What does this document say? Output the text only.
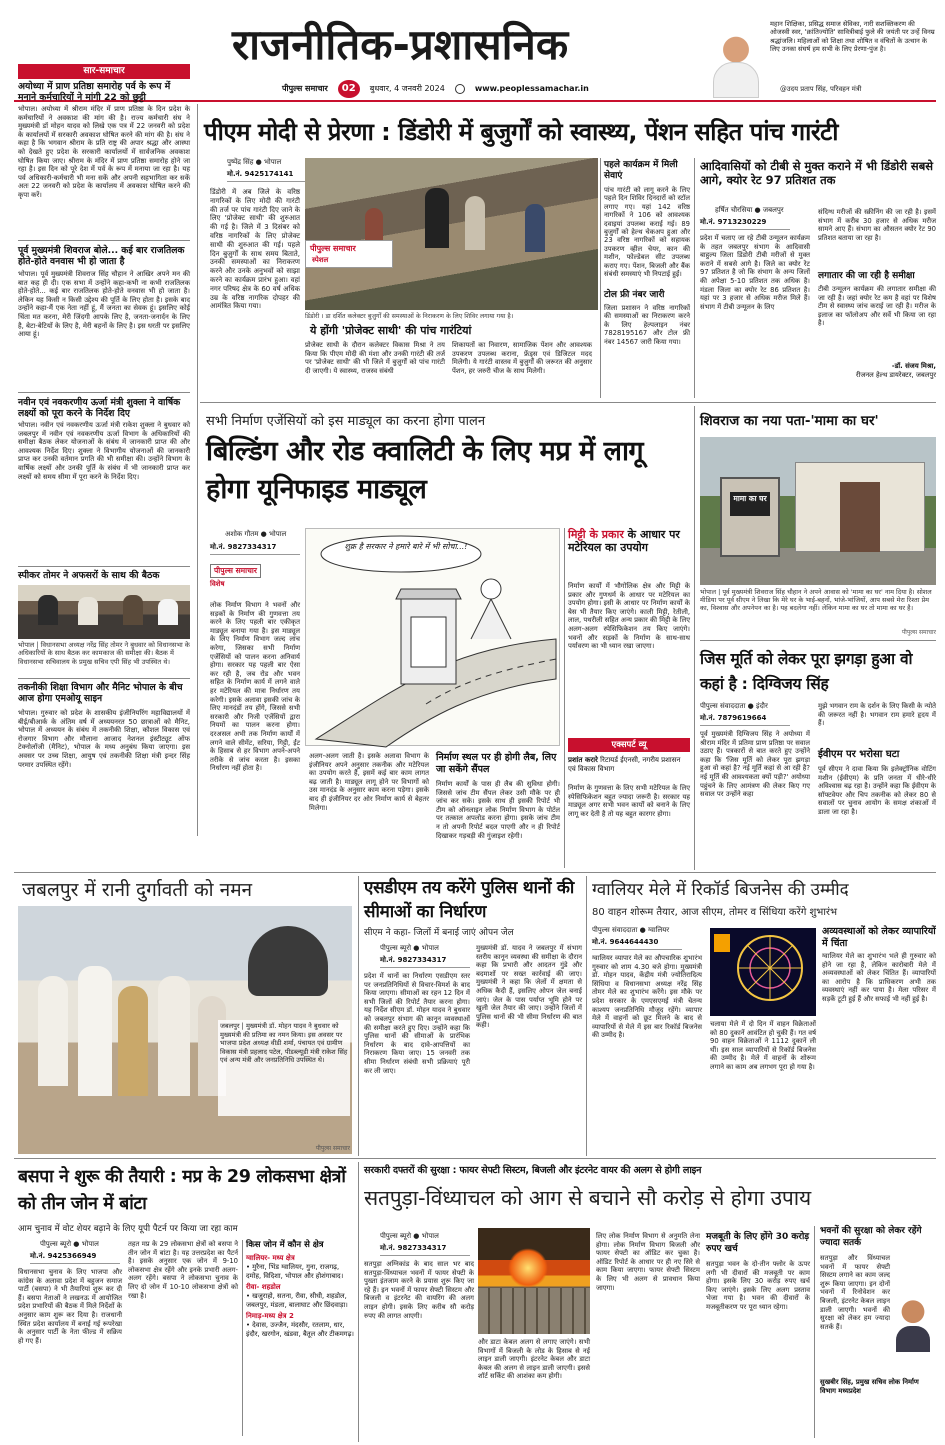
राजनीतिक-प्रशासनिक
पीपुल्स समाचार	02	बुधवार, 4 जनवरी 2024	www.peoplessamachar.in
महान शिक्षिका, प्रसिद्ध समाज सेविका, नारी सशक्तिकरण की ओजस्वी स्वर, 'क्रांतिज्योति' सावित्रीबाई फुले की जयंती पर उन्हें विनम्र श्रद्धांजलि। महिलाओं को शिक्षा तथा शोषित व वंचितों के उत्थान के लिए उनका संघर्ष हम सभी के लिए प्रेरणा-पुंज है।
@उदय प्रताप सिंह, परिवहन मंत्री
सार-समाचार
अयोध्या में प्राण प्रतिष्ठा समारोह पर्व के रूप में मनाने कर्मचारियों ने मांगी 22 को छुट्टी
भोपाल। अयोध्या में श्रीराम मंदिर में प्राण प्रतिष्ठा के दिन प्रदेश के कर्मचारियों ने अवकाश की मांग की है। राज्य कर्मचारी संघ ने मुख्यमंत्री डॉ मोहन यादव को लिखे एक पत्र में 22 जनवरी को प्रदेश के कार्यालयों में सरकारी अवकाश घोषित करने की मांग की है। संघ ने कहा है कि भगवान श्रीराम के प्रति राष्ट्र की अपार श्रद्धा और आस्था को देखते हुए प्रदेश के सरकारी कार्यालयों में सार्वजनिक अवकाश घोषित किया जाए। श्रीराम के मंदिर में प्राण प्रतिष्ठा समारोह होने जा रहा है। इस दिन को पूरे देश में पर्व के रूप में मनाया जा रहा है। यह पर्व अधिकारी-कर्मचारी भी मना सकें और अपनी सहभागिता कर सकें अतः 22 जनवरी को प्रदेश के कार्यालय में अवकाश घोषित करने की कृपा करें।
पूर्व मुख्यमंत्री शिवराज बोले... कई बार राजतिलक होते-होते वनवास भी हो जाता है
भोपाल। पूर्व मुख्यमंत्री शिवराज सिंह चौहान ने आखिर अपने मन की बात कह ही दी। एक सभा में उन्होंने कहा-कभी ना कभी राजतिलक होते-होते... कई बार राजतिलक होते-होते वनवास भी हो जाता है। लेकिन यह किसी न किसी उद्देश्य की पूर्ति के लिए होता है। इसके बाद उन्होंने कहा-मैं एक नेता नहीं हूं, मैं जनता का सेवक हूं। इसलिए कोई चिंता मत करना, मेरी जिंदगी आपके लिए है, जनता-जनार्दन के लिए है, बेटा-बेटियों के लिए है, मेरी बहनों के लिए है। इस धरती पर इसलिए आया हूं।
नवीन एवं नवकरणीय ऊर्जा मंत्री शुक्ला ने वार्षिक लक्ष्यों को पूरा करने के निर्देश दिए
भोपाल। नवीन एवं नवकरणीय ऊर्जा मंत्री राकेश शुक्ला ने बुधवार को जबलपुर में नवीन एवं नवकरणीय ऊर्जा विभाग के अधिकारियों की समीक्षा बैठक लेकर योजनाओं के संबंध में जानकारी प्राप्त की और आवश्यक निर्देश दिए। शुक्ला ने विभागीय योजनाओं की जानकारी प्राप्त कर उनकी वर्तमान प्रगति की भी समीक्षा की। उन्होंने विभाग के वार्षिक लक्ष्यों और उनकी पूर्ति के संबंध में भी जानकारी प्राप्त कर लक्ष्यों को समय सीमा में पूरा करने के निर्देश दिए।
स्पीकर तोमर ने अफसरों के साथ की बैठक
भोपाल | विधानसभा अध्यक्ष नरेंद्र सिंह तोमर ने बुधवार को विधानसभा के अधिकारियों के साथ बैठक कर कामकाज की समीक्षा की। बैठक में विधानसभा सचिवालय के प्रमुख सचिव एपी सिंह भी उपस्थित थे।
तकनीकी शिक्षा विभाग और मैनिट भोपाल के बीच आज होगा एमओयू साइन
भोपाल। गुरुवार को प्रदेश के शासकीय इंजीनियरिंग महाविद्यालयों में बीई/बीआर्क के अंतिम वर्ष में अध्ययनरत 50 छात्राओं को मैनिट, भोपाल में अध्ययन के संबंध में तकनीकी शिक्षा, कौशल विकास एवं रोजगार विभाग और मौलाना आजाद नेशनल इंस्टीट्यूट ऑफ टेक्नोलॉजी (मैनिट), भोपाल के मध्य अनुबंध किया जाएगा। इस अवसर पर उच्च शिक्षा, आयुष एवं तकनीकी शिक्षा मंत्री इन्दर सिंह परमार उपस्थित रहेंगे।
पीएम मोदी से प्रेरणा : डिंडोरी में बुजुर्गों को स्वास्थ्य, पेंशन सहित पांच गारंटी
पुष्पेंद्र सिंह ● भोपाल
मो.नं. 9425174141
डिंडोरी में अब जिले के वरिष्ठ नागरिकों के लिए मोदी की गारंटी की तर्ज पर पांच गारंटी दिए जाने के लिए 'प्रोजेक्ट साथी' की शुरुआत की गई है। जिले में 3 दिसंबर को वरिष्ठ नागरिकों के लिए प्रोजेक्ट साथी की शुरुआत की गई। पहले दिन बुजुर्गों के साथ समय बिताते, उनकी समस्याओं का निराकरण करने और उनके अनुभवों को साझा करने का कार्यक्रम प्रारंभ हुआ। वहां नगर परिषद क्षेत्र के 60 वर्ष अधिक उम्र के वरिष्ठ नागरिक दोपहर की आमंत्रित किया गया।
पीपुल्स समाचार
स्पेशल
डिंडोरी । डा दर्शित कलेक्टर बुजुर्गों की समस्याओं के निराकरण के लिए शिविर लगाया गया है।
ये होंगी 'प्रोजेक्ट साथी' की पांच गारंटियां
प्रोजेक्ट साथी के दौरान कलेक्टर विकास मिश्रा ने तय किया कि पीएम मोदी की मंशा और उनकी गारंटी की तर्ज पर 'प्रोजेक्ट साथी' की भी जिले में बुजुर्गों को पांच गारंटी दी जाएगी। ये स्वास्थ्य, राजस्व संबंधी
शिकायतों का निवारण, सामाजिक पेंशन और आवश्यक उपकरण उपलब्ध कराना, फ्रेंड्स एवं डिजिटल मदद मिलेगी। ये गारंटी वास्तव में बुजुर्गों की जरूरत की अनुसार पेंशन, हर जरुरी चीज के साथ मिलेगी।
पहले कार्यक्रम में मिली सेवाएं
पांच गारंटी को लागू करने के लिए पहले दिन शिविर दिनदारों को स्टॉल लगाए गए। यहां 142 वरिष्ठ नागरिकों ने 106 को आवश्यक दवाइयां उपलब्ध कराई गई। 89 बुजुर्गों को हेल्थ चेकअप हुआ और 23 वरिष्ठ नागरिकों को सहायक उपकरण व्हील चेयर, कान की मशीन, फोल्डेबल सीट उपलब्ध कराए गए। पेंशन, बिजली और बैंक संबंधी समस्याएं भी निपटाई हुईं।
टोल फ्री नंबर जारी
जिला प्रशासन ने वरिष्ठ नागरिकों की समस्याओं का निराकरण करने के लिए हेल्पलाइन नंबर 7828195167 और टोल फ्री नंबर 14567 जारी किया गया।
आदिवासियों को टीबी से मुक्त कराने में भी डिंडोरी सबसे आगे, क्योर रेट 97 प्रतिशत तक
हर्षित चौरसिया ● जबलपुर
मो.नं. 9713230229
प्रदेश में चलाए जा रहे टीबी उन्मूलन कार्यक्रम के तहत जबलपुर संभाग के आदिवासी बाहुल्य जिला डिंडोरी टीबी मरीजों से मुक्त कराने में सबसे आगे है। जिले का क्योर रेट 97 प्रतिशत है जो कि संभाग के अन्य जिलों की अपेक्षा 5-10 प्रतिशत तक अधिक है। मंडला जिला का क्योर रेट 86 प्रतिशत है। यहां पर 3 हजार से अधिक मरीज मिले हैं। संभाग में टीबी उन्मूलन के लिए
संदिग्ध मरीजों की स्क्रीनिंग की जा रही है। इसमें संभाग में करीब 30 हजार से अधिक मरीज सामने आए हैं। संभाग का औसतन क्योर रेट 90 प्रतिशत बताया जा रहा है।
लगातार की जा रही है समीक्षा
टीबी उन्मूलन कार्यक्रम की लगातार समीक्षा की जा रही है। जहां क्योर रेट कम है वहां पर विशेष टीम से स्वास्थ्य जांच कराई जा रही है। मरीज के इलाज का फॉलोअप और सर्वे भी किया जा रहा है।
-डॉ. संजय मिश्रा,
रीजनल हेल्थ डायरेक्टर, जबलपुर
सभी निर्माण एजेंसियों को इस माड्यूल का करना होगा पालन
बिल्डिंग और रोड क्वालिटी के लिए मप्र में लागू होगा यूनिफाइड माड्यूल
अशोक गौतम ● भोपाल
मो.नं. 9827334317	शुक्र है सरकार ने हमारे बारे में भी सोचा...!
पीपुल्स समाचार
विशेष
लोक निर्माण विभाग ने भवनों और सड़कों के निर्माण की गुणवत्ता तय करने के लिए पहली बार एकीकृत माड्यूल बनाया गया है। इस माड्यूल के लिए निर्माण विभाग जल्द लांच करेगा, जिसका सभी निर्माण एजेंसियों को पालन करना अनिवार्य होगा। सरकार यह पहली बार ऐसा कर रही है, जब रोड और भवन सहित के निर्माण कार्य में लगने वाले हर मटेरियल की मात्रा निर्धारण तय करेगी। इसके अलावा इसकी जांच के लिए मानदंडों तय होंगे, जिससे सभी सरकारी और निजी एजेंसियों द्वारा नियमों का पालन करना होगा। दरअसल अभी तक निर्माण कार्यों में लगने वाले सीमेंट, सरिया, गिट्टी, ईंट के हिसाब से हर विभाग अपने-अपने तरीके से जांच करता है। इसका निर्धारण नहीं होता है।
अलग-अलग जाती है। इसके अलावा विभाग के इंजीनियर अपने अनुसार तकनीक और मटेरियल का उपयोग करते हैं, इसमें कई बार काम लागत बढ़ जाती है। माड्यूल लागू होने पर विभागों को उस मानदंड के अनुसार काम करना पड़ेगा। इसके बाद ही इंजीनियर दर ओर निर्माण कार्य से बेहतर मिलेगा।
मिट्टी के प्रकार के आधार पर मटेरियल का उपयोग
निर्माण कार्यों में भौगोलिक क्षेत्र और मिट्टी के प्रकार और गुणधर्म के आधार पर मटेरियल का उपयोग होगा। इसी के आधार पर निर्माण कार्यों के बेस भी तैयार किए जाएंगे। काली मिट्टी, रेतीली, लाल, पथरीली सहित अन्य प्रकार की मिट्टी के लिए अलग-अलग स्पेसिफिकेशन तय किए जाएंगे। भवनों और सड़कों के निर्माण के साथ-साथ पर्यावरण का भी ध्यान रखा जाएगा।
निर्माण स्थल पर ही होगी लैब, लिए जा सकेंगे सैंपल
निर्माण कार्यों के पास ही लैब की सुविधा होगी। जिससे जांच टीम सैंपल लेकर उसी मौके पर ही जांच कर सके। इसके साथ ही इसकी रिपोर्ट भी टीम को ऑनलाइन लोक निर्माण विभाग के पोर्टल पर तत्काल अपलोड करना होगा। इसके जांच टीम न तो अपनी रिपोर्ट बदल पाएगी और न ही रिपोर्ट दिखाकर गड़बड़ी की गुंजाइश रहेगी।
एक्सपर्ट व्यू
प्रशांत करारे रिटायर्ड ईएनसी, नगरीय प्रशासन एवं विकास विभाग
निर्माण के गुणवत्ता के लिए सभी मटेरियल के लिए स्पेसिफिकेशन बहुत ज्यादा जरूरी है। सरकार यह माड्यूल अगर सभी भवन कार्यों को बनाने के लिए लागू कर देती है तो यह बहुत कारगर होगा।
शिवराज का नया पता-'मामा का घर'
मामा का घर
भोपाल | पूर्व मुख्यमंत्री शिवराज सिंह चौहान ने अपने आवास को 'मामा का घर' नाम दिया है। सोशल मीडिया पर पूर्व सीएम ने लिखा कि मेरे घर के भाई-बहनों, भांजे-भांजियों, आप सबसे मेरा रिश्ता प्रेम का, विश्वास और अपनेपन का है। यह बदलेगा नहीं। लेकिन मामा का घर तो मामा का घर है।
पीपुल्स समाचार
जिस मूर्ति को लेकर पूरा झगड़ा हुआ वो कहां है : दिग्विजय सिंह
पीपुल्स संवाददाता ● इंदौर
मो.नं. 7879619664
पूर्व मुख्यमंत्री दिग्विजय सिंह ने अयोध्या में श्रीराम मंदिर में प्रतिमा प्राण प्रतिष्ठा पर सवाल उठाए हैं। पत्रकारों से बात करते हुए उन्होंने कहा कि 'जिस मूर्ति को लेकर पूरा झगड़ा हुआ वो कहां है? नई मूर्ति कहां से आ रही है? नई मूर्ति की आवश्यकता क्यों पड़ी?' अयोध्या पहुंचने के लिए आमंत्रण की लेकर किए गए सवाल पर उन्होंने कहा
मुझे भगवान राम के दर्शन के लिए किसी के न्योते की जरूरत नहीं है। भगवान राम हमारे हृदय में हैं।
ईवीएम पर भरोसा घटा
पूर्व सीएम ने दावा किया कि इलेक्ट्रॉनिक वोटिंग मशीन (ईवीएम) के प्रति जनता में धीरे-धीरे अविश्वास बढ़ रहा है। उन्होंने कहा कि ईवीएम के सॉफ्टवेयर और चिप तकनीक को लेकर 80 से सवालों पर चुनाव आयोग के समक्ष शंकाओं में डाला जा रहा है।
जबलपुर में रानी दुर्गावती को नमन
जबलपुर | मुख्यमंत्री डॉ. मोहन यादव ने बुधवार को मुख्यमंत्री की प्रतिमा का नमन किया। इस अवसर पर भाजपा प्रदेश अध्यक्ष वीडी शर्मा, पंचायत एवं ग्रामीण विकास मंत्री प्रहलाद पटेल, पीडब्ल्यूडी मंत्री राकेश सिंह एवं अन्य मंत्री और जनप्रतिनिधि उपस्थित थे।
पीपुल्स समाचार
एसडीएम तय करेंगे पुलिस थानों की सीमाओं का निर्धारण
सीएम ने कहा- जिलों में बनाई जाएं ओपन जेल
पीपुल्स ब्यूरो ● भोपाल
मो.नं. 9827334317
प्रदेश में थानों का निर्धारण एसडीएम स्तर पर जनप्रतिनिधियों से विचार-विमर्श के बाद किया जाएगा। सीमाओं का रहन 12 दिन में सभी जिलों की रिपोर्ट तैयार करना होगा। यह निर्देश सीएम डॉ. मोहन यादव ने बुधवार को जबलपुर संभाग की कानून व्यवस्थाओं की समीक्षा करते हुए दिए। उन्होंने कहा कि पुलिस थानों की सीमाओं के प्रारंभिक निर्धारण के बाद दावे-आपत्तियों का निराकरण किया जाए। 15 जनवरी तक सीमा निर्धारण संबंधी सभी प्रक्रियाएं पूरी कर ली जाए।
मुख्यमंत्री डॉ. यादव ने जबलपुर में संभाग स्तरीय कानून व्यवस्था की समीक्षा के दौरान कहा कि प्रभारी और आदतन गुंडे और बदमाशों पर सख्त कार्रवाई की जाए। मुख्यमंत्री ने कहा कि जेलों में क्षमता से अधिक कैदी हैं, इसलिए ओपन जेल बनाई जाएं। जेल के पास पर्याप्त भूमि होने पर खुली जेल तैयार की जाए। उन्होंने जिलों में पुलिस थानों की भी सीमा निर्धारण की बात कही।
ग्वालियर मेले में रिकॉर्ड बिजनेस की उम्मीद
80 वाहन शोरूम तैयार, आज सीएम, तोमर व सिंधिया करेंगे शुभारंभ
पीपुल्स संवाददाता ● ग्वालियर
मो.नं. 9644644430
ग्वालियर व्यापार मेले का औपचारिक शुभारंभ गुरुवार को शाम 4.30 बजे होगा। मुख्यमंत्री डॉ. मोहन यादव, केंद्रीय मंत्री ज्योतिरादित्य सिंधिया व विधानसभा अध्यक्ष नरेंद्र सिंह तोमर मेले का शुभारंभ करेंगे। इस मौके पर प्रदेश सरकार के एमएसएमई मंत्री चेतन्य काश्यप जनप्रतिनिधि मौजूद रहेंगे। व्यापार मेले में वाहनों को छूट मिलने के बाद से व्यापारियों से मेले में इस बार रिकॉर्ड बिजनेस की उम्मीद है।
चलाया मेले में दो दिन में वाहन विक्रेताओं को 80 दुकानें आवंटित हो चुकी हैं। गत वर्ष 90 वाहन विक्रेताओं ने 1112 दुकानें ली थीं। इस साल व्यापारियों से रिकॉर्ड बिजनेस की उम्मीद है। मेले में वाहनों के शोरूम लगाने का काम अब लगभग पूरा हो गया है।
अव्यवस्थाओं को लेकर व्यापारियों में चिंता
ग्वालियर मेले का शुभारंभ भले ही गुरुवार को होने जा रहा है, लेकिन कारोबारी मेले में अव्यवस्थाओं को लेकर चिंतित हैं। व्यापारियों का आरोप है कि प्राधिकरण अभी तक व्यवस्थाएं नहीं कर पाया है। मेला परिसर में सड़कें टूटी हुई हैं और सफाई भी नहीं हुई है।
बसपा ने शुरू की तैयारी : मप्र के 29 लोकसभा क्षेत्रों को तीन जोन में बांटा
आम चुनाव में वोट शेयर बढ़ाने के लिए यूपी पैटर्न पर किया जा रहा काम
पीपुल्स ब्यूरो ● भोपाल
मो.नं. 9425366949
विधानसभा चुनाव के लिए भाजपा और कांग्रेस के अलावा प्रदेश में बहुजन समाज पार्टी (बसपा) ने भी तैयारियां शुरू कर दी हैं। बसपा नेताओं ने लखनऊ में आयोजित प्रदेश प्रभारियों की बैठक में मिले निर्देशों के अनुसार काम शुरू कर दिया है। राजधानी स्थित प्रदेश कार्यालय में बनाई गई रूपरेखा के अनुसार पार्टी के नेता फील्ड में सक्रिय हो गए हैं।
तहत मप्र के 29 लोकसभा क्षेत्रों को बसपा ने तीन जोन में बांटा है। यह उत्तरप्रदेश का पैटर्न है। इसके अनुसार एक जोन में 9-10 लोकसभा क्षेत्र रहेंगे और इनके प्रभारी अलग-अलग रहेंगे। बसपा ने लोकसभा चुनाव के लिए दो जोन में 10-10 लोकसभा क्षेत्रों को रखा है।
किस जोन में कौन से क्षेत्र
ग्वालियर- मध्य क्षेत्र
• मुरैना, भिंड ग्वालियर, गुना, राजगढ़, दमोह, विदिशा, भोपाल और होशंगाबाद।
रीवा- शहडोल
• खजुराहो, सतना, रीवा, सीधी, शहडोल, जबलपुर, मंडला, बालाघाट और छिंदवाड़ा।
निमाड़-मध्य क्षेत्र 2
• देवास, उज्जैन, मंदसौर, रतलाम, धार, इंदौर, खरगोन, खंडवा, बैतूल और टीकमगढ़।
सरकारी दफ्तरों की सुरक्षा : फायर सेफ्टी सिस्टम, बिजली और इंटरनेट वायर की अलग से होगी लाइन
सतपुड़ा-विंध्याचल को आग से बचाने सौ करोड़ से होगा उपाय
पीपुल्स ब्यूरो ● भोपाल
मो.नं. 9827334317
सतपुड़ा अग्निकांड के बाद साल भर बाद सतपुड़ा-विंध्याचल भवनों में फायर सेफ्टी के पुख्ता इंतजाम करने के प्रयास शुरू किए जा रहे हैं। इन भवनों में फायर सेफ्टी सिस्टम और बिजली व इंटरनेट की वायरिंग की अलग लाइन होगी। इसके लिए करीब सौ करोड़ रुपए की लागत आएगी।
और डाटा केबल अलग से लगाए जाएंगे। सभी विभागों में बिजली के लोड के हिसाब से नई लाइन डाली जाएगी। इंटरनेट केबल और डाटा केबल की अलग से लाइन डाली जाएगी। इससे शॉर्ट सर्किट की आशंका कम होगी।
लिए लोक निर्माण विभाग से अनुमति लेना होगा। लोक निर्माण विभाग बिजली और फायर सेफ्टी का ऑडिट कर चुका है। ऑडिट रिपोर्ट के आधार पर ही नए सिरे से काम किया जाएगा। फायर सेफ्टी सिस्टम के लिए भी अलग से प्रावधान किया जाएगा।
मजबूती के लिए होंगे 30 करोड़ रुपए खर्च
सतपुड़ा भवन के दो-तीन फ्लोर के ऊपर लगी भी दीवारों की मजबूती पर काम होगा। इसके लिए 30 करोड़ रुपए खर्च किए जाएंगे। इसके लिए अलग प्रस्ताव भेजा गया है। भवन की दीवारों के मजबूतीकरण पर पूरा ध्यान रहेगा।
भवनों की सुरक्षा को लेकर रहेंगे ज्यादा सतर्क
सतपुड़ा और विंध्याचल भवनों में फायर सेफ्टी सिस्टम लगाने का काम जल्द शुरू किया जाएगा। इन दोनों भवनों में रिनोवेशन कर बिजली, इंटरनेट केबल लाइन डाली जाएगी। भवनों की सुरक्षा को लेकर हम ज्यादा सतर्क हैं।
सुखबीर सिंह, प्रमुख सचिव लोक निर्माण विभाग मध्यप्रदेश
